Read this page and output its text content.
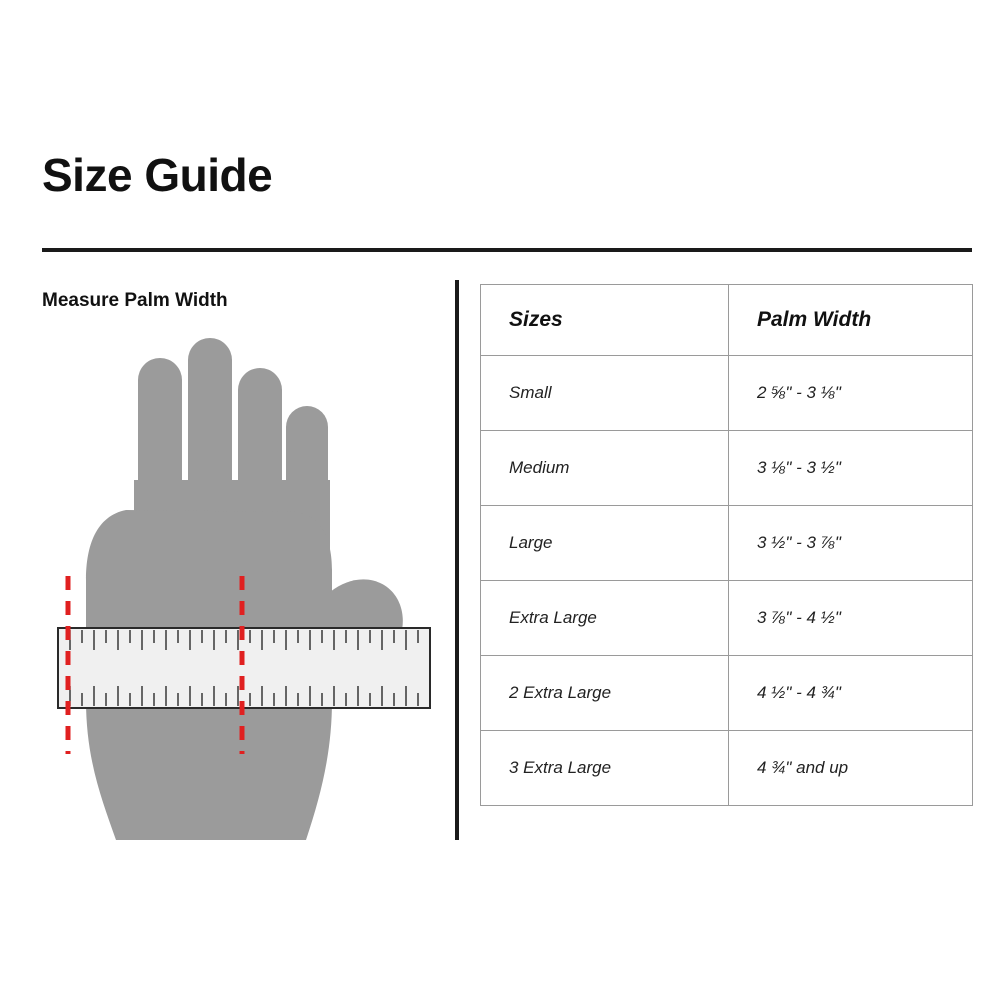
Size Guide
Measure Palm Width
Sizes	Palm Width
Small	2 ⅝" - 3 ⅛"
Medium	3 ⅛" - 3 ½"
Large	3 ½" - 3 ⅞"
Extra Large	3 ⅞" - 4 ½"
2 Extra Large	4 ½" - 4 ¾"
3 Extra Large	4 ¾" and up
